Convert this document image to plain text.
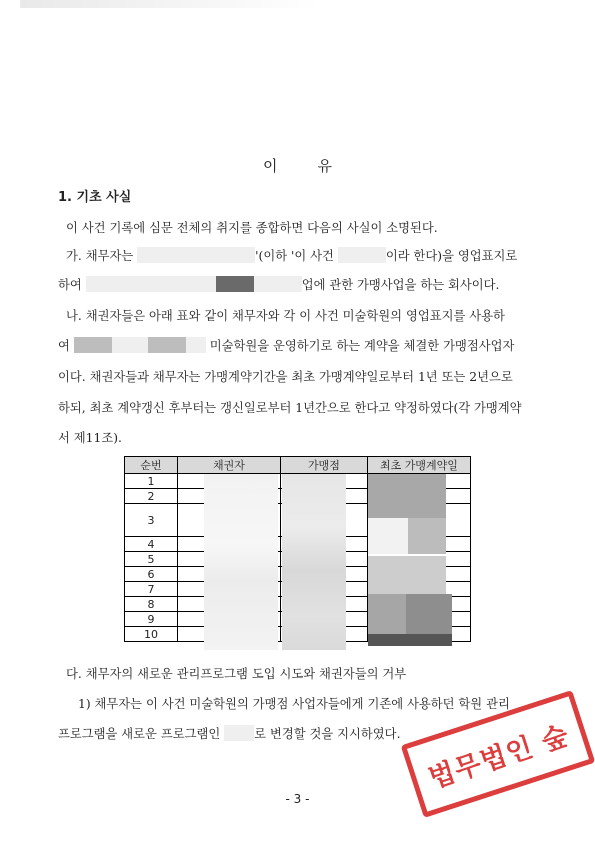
이	유
1. 기초 사실
이 사건 기록에 심문 전체의 취지를 종합하면 다음의 사실이 소명된다.
가. 채무자는	'(이하 '이 사건	이라 한다)을 영업표지로
하여	업에 관한 가맹사업을 하는 회사이다.
나. 채권자들은 아래 표와 같이 채무자와 각 이 사건 미술학원의 영업표지를 사용하
여	미술학원을 운영하기로 하는 계약을 체결한 가맹점사업자
이다. 채권자들과 채무자는 가맹계약기간을 최초 가맹계약일로부터 1년 또는 2년으로
하되, 최초 계약갱신 후부터는 갱신일로부터 1년간으로 한다고 약정하였다(각 가맹계약
서 제11조).
순번	채권자	가맹점	최초 가맹계약일
1			
2			
3			
4			
5			
6			
7			
8			
9			
10			
다. 채무자의 새로운 관리프로그램 도입 시도와 채권자들의 거부
1) 채무자는 이 사건 미술학원의 가맹점 사업자들에게 기존에 사용하던 학원 관리
프로그램을 새로운 프로그램인	로 변경할 것을 지시하였다. 법무법인 숲
- 3 -
